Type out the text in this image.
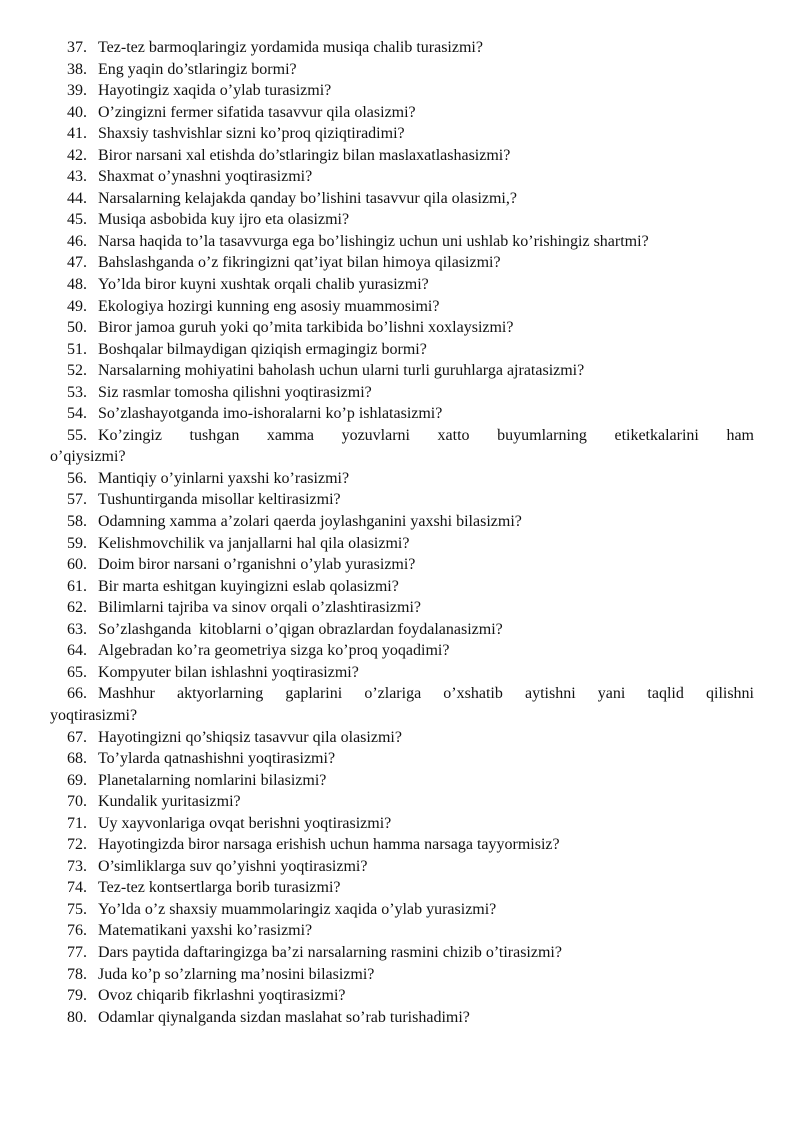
37. Tez-tez barmoqlaringiz yordamida musiqa chalib turasizmi?

38. Eng yaqin do’stlaringiz bormi?

39. Hayotingiz xaqida o’ylab turasizmi?

40. O’zingizni fermer sifatida tasavvur qila olasizmi?

41. Shaxsiy tashvishlar sizni ko’proq qiziqtiradimi?

42. Biror narsani xal etishda do’stlaringiz bilan maslaxatlashasizmi?

43. Shaxmat o’ynashni yoqtirasizmi?

44. Narsalarning kelajakda qanday bo’lishini tasavvur qila olasizmi,?

45. Musiqa asbobida kuy ijro eta olasizmi?

46. Narsa haqida to’la tasavvurga ega bo’lishingiz uchun uni ushlab ko’rishingiz shartmi?

47. Bahslashganda o’z fikringizni qat’iyat bilan himoya qilasizmi?

48. Yo’lda biror kuyni xushtak orqali chalib yurasizmi?

49. Ekologiya hozirgi kunning eng asosiy muammosimi?

50. Biror jamoa guruh yoki qo’mita tarkibida bo’lishni xoxlaysizmi?

51. Boshqalar bilmaydigan qiziqish ermagingiz bormi?

52. Narsalarning mohiyatini baholash uchun ularni turli guruhlarga ajratasizmi?

53. Siz rasmlar tomosha qilishni yoqtirasizmi?

54. So’zlashayotganda imo-ishoralarni ko’p ishlatasizmi?

55. Ko’zingiz tushgan xamma yozuvlarni xatto buyumlarning etiketkalarini ham
o’qiysizmi?

56. Mantiqiy o’yinlarni yaxshi ko’rasizmi?

57. Tushuntirganda misollar keltirasizmi?

58. Odamning xamma a’zolari qaerda joylashganini yaxshi bilasizmi?

59. Kelishmovchilik va janjallarni hal qila olasizmi?

60. Doim biror narsani o’rganishni o’ylab yurasizmi?

61. Bir marta eshitgan kuyingizni eslab qolasizmi?

62. Bilimlarni tajriba va sinov orqali o’zlashtirasizmi?

63. So’zlashganda  kitoblarni o’qigan obrazlardan foydalanasizmi?

64. Algebradan ko’ra geometriya sizga ko’proq yoqadimi?

65. Kompyuter bilan ishlashni yoqtirasizmi?

66. Mashhur aktyorlarning gaplarini o’zlariga o’xshatib aytishni yani taqlid qilishni
yoqtirasizmi?

67. Hayotingizni qo’shiqsiz tasavvur qila olasizmi?

68. To’ylarda qatnashishni yoqtirasizmi?

69. Planetalarning nomlarini bilasizmi?

70. Kundalik yuritasizmi?

71. Uy xayvonlariga ovqat berishni yoqtirasizmi?

72. Hayotingizda biror narsaga erishish uchun hamma narsaga tayyormisiz?

73. O’simliklarga suv qo’yishni yoqtirasizmi?

74. Tez-tez kontsertlarga borib turasizmi?

75. Yo’lda o’z shaxsiy muammolaringiz xaqida o’ylab yurasizmi?

76. Matematikani yaxshi ko’rasizmi?

77. Dars paytida daftaringizga ba’zi narsalarning rasmini chizib o’tirasizmi?

78. Juda ko’p so’zlarning ma’nosini bilasizmi?

79. Ovoz chiqarib fikrlashni yoqtirasizmi?

80. Odamlar qiynalganda sizdan maslahat so’rab turishadimi?
